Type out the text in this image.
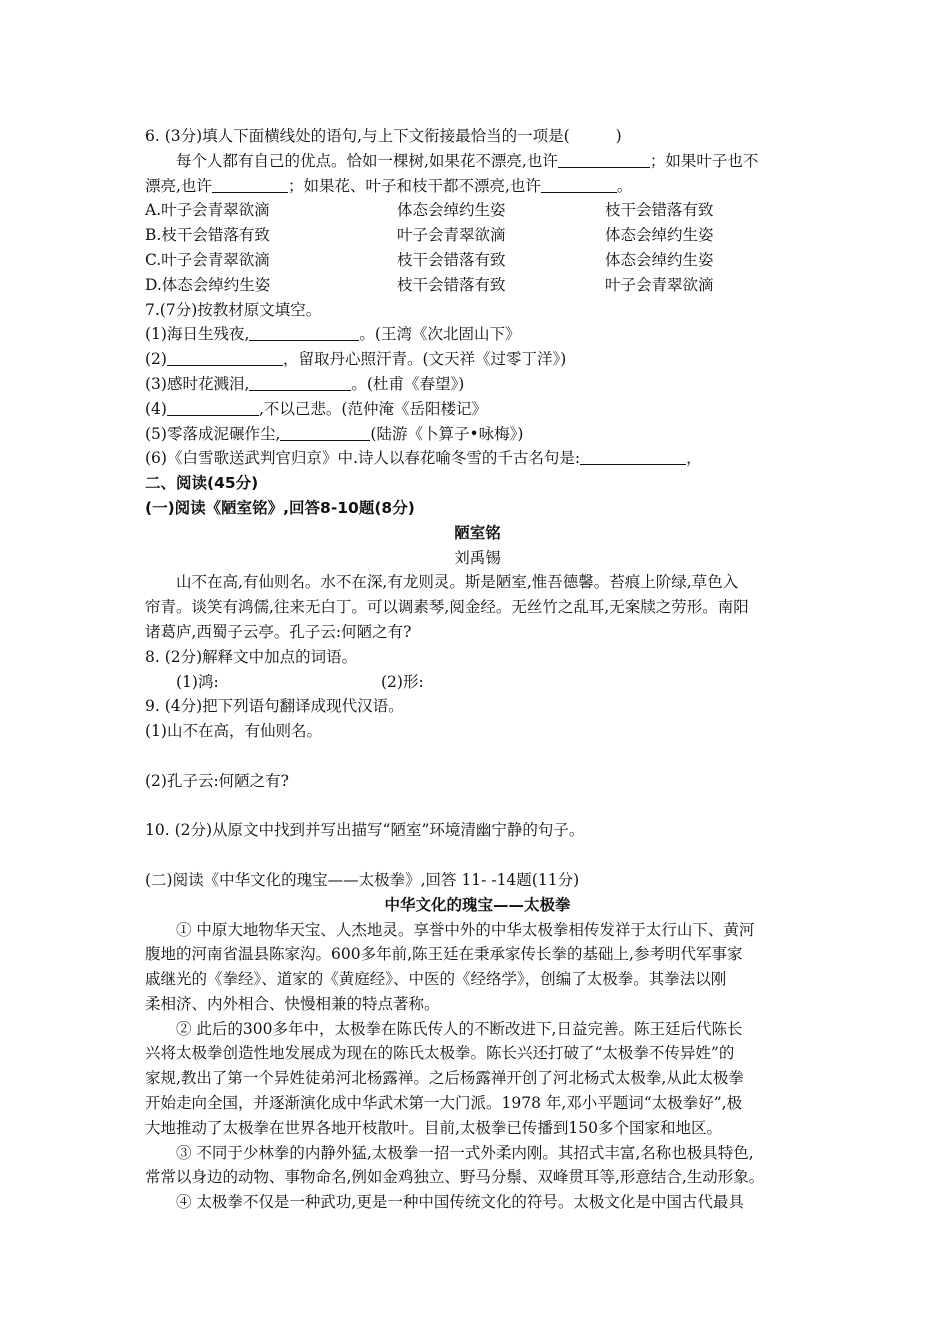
6. (3分)填人下面横线处的语句,与上下文衔接最恰当的一项是(	)
每个人都有自己的优点。恰如一棵树,如果花不漂亮,也许	；如果叶子也不
漂亮,也许	；如果花、叶子和枝干都不漂亮,也许	。
A.叶子会青翠欲滴	体态会绰约生姿	枝干会错落有致
B.枝干会错落有致	叶子会青翠欲滴	体态会绰约生姿
C.叶子会青翠欲滴	枝干会错落有致	体态会绰约生姿
D.体态会绰约生姿	枝干会错落有致	叶子会青翠欲滴
7.(7分)按教材原文填空。
(1)海日生残夜,	。(王湾《次北固山下》
(2)	，留取丹心照汗青。(文天祥《过零丁洋》)
(3)感时花溅泪,	。(杜甫《春望》)
(4)	,不以己悲。(范仲淹《岳阳楼记》
(5)零落成泥碾作尘,	(陆游《卜算子•咏梅》)
(6)《白雪歌送武判官归京》中.诗人以春花喻冬雪的千古名句是:	，
二、阅读(45分)
(一)阅读《陋室铭》,回答8-10题(8分)
陋室铭
刘禹锡
山不在高,有仙则名。水不在深,有龙则灵。斯是陋室,惟吾德馨。苔痕上阶绿,草色入
帘青。谈笑有鸿儒,往来无白丁。可以调素琴,阅金经。无丝竹之乱耳,无案牍之劳形。南阳
诸葛庐,西蜀子云亭。孔子云:何陋之有?
8. (2分)解释文中加点的词语。
(1)鸿:	(2)形:
9. (4分)把下列语句翻译成现代汉语。
(1)山不在高，有仙则名。
(2)孔子云:何陋之有?
10. (2分)从原文中找到并写出描写“陋室”环境清幽宁静的句子。
(二)阅读《中华文化的瑰宝——太极拳》,回答 11- -14题(11分)
中华文化的瑰宝——太极拳
① 中原大地物华天宝、人杰地灵。享誉中外的中华太极拳相传发祥于太行山下、黄河
腹地的河南省温县陈家沟。600多年前,陈王廷在秉承家传长拳的基础上,参考明代军事家
戚继光的《拳经》、道家的《黄庭经》、中医的《经络学》，创编了太极拳。其拳法以刚
柔相济、内外相合、快慢相兼的特点著称。
② 此后的300多年中，太极拳在陈氏传人的不断改进下,日益完善。陈王廷后代陈长
兴将太极拳创造性地发展成为现在的陈氏太极拳。陈长兴还打破了“太极拳不传异姓”的
家规,教出了第一个异姓徒弟河北杨露禅。之后杨露禅开创了河北杨式太极拳,从此太极拳
开始走向全国，并逐渐演化成中华武术第一大门派。1978 年,邓小平题词“太极拳好”,极
大地推动了太极拳在世界各地开枝散叶。目前,太极拳已传播到150多个国家和地区。
③ 不同于少林拳的内静外猛,太极拳一招一式外柔内刚。其招式丰富,名称也极具特色,
常常以身边的动物、事物命名,例如金鸡独立、野马分鬃、双峰贯耳等,形意结合,生动形象。
④ 太极拳不仅是一种武功,更是一种中国传统文化的符号。太极文化是中国古代最具
